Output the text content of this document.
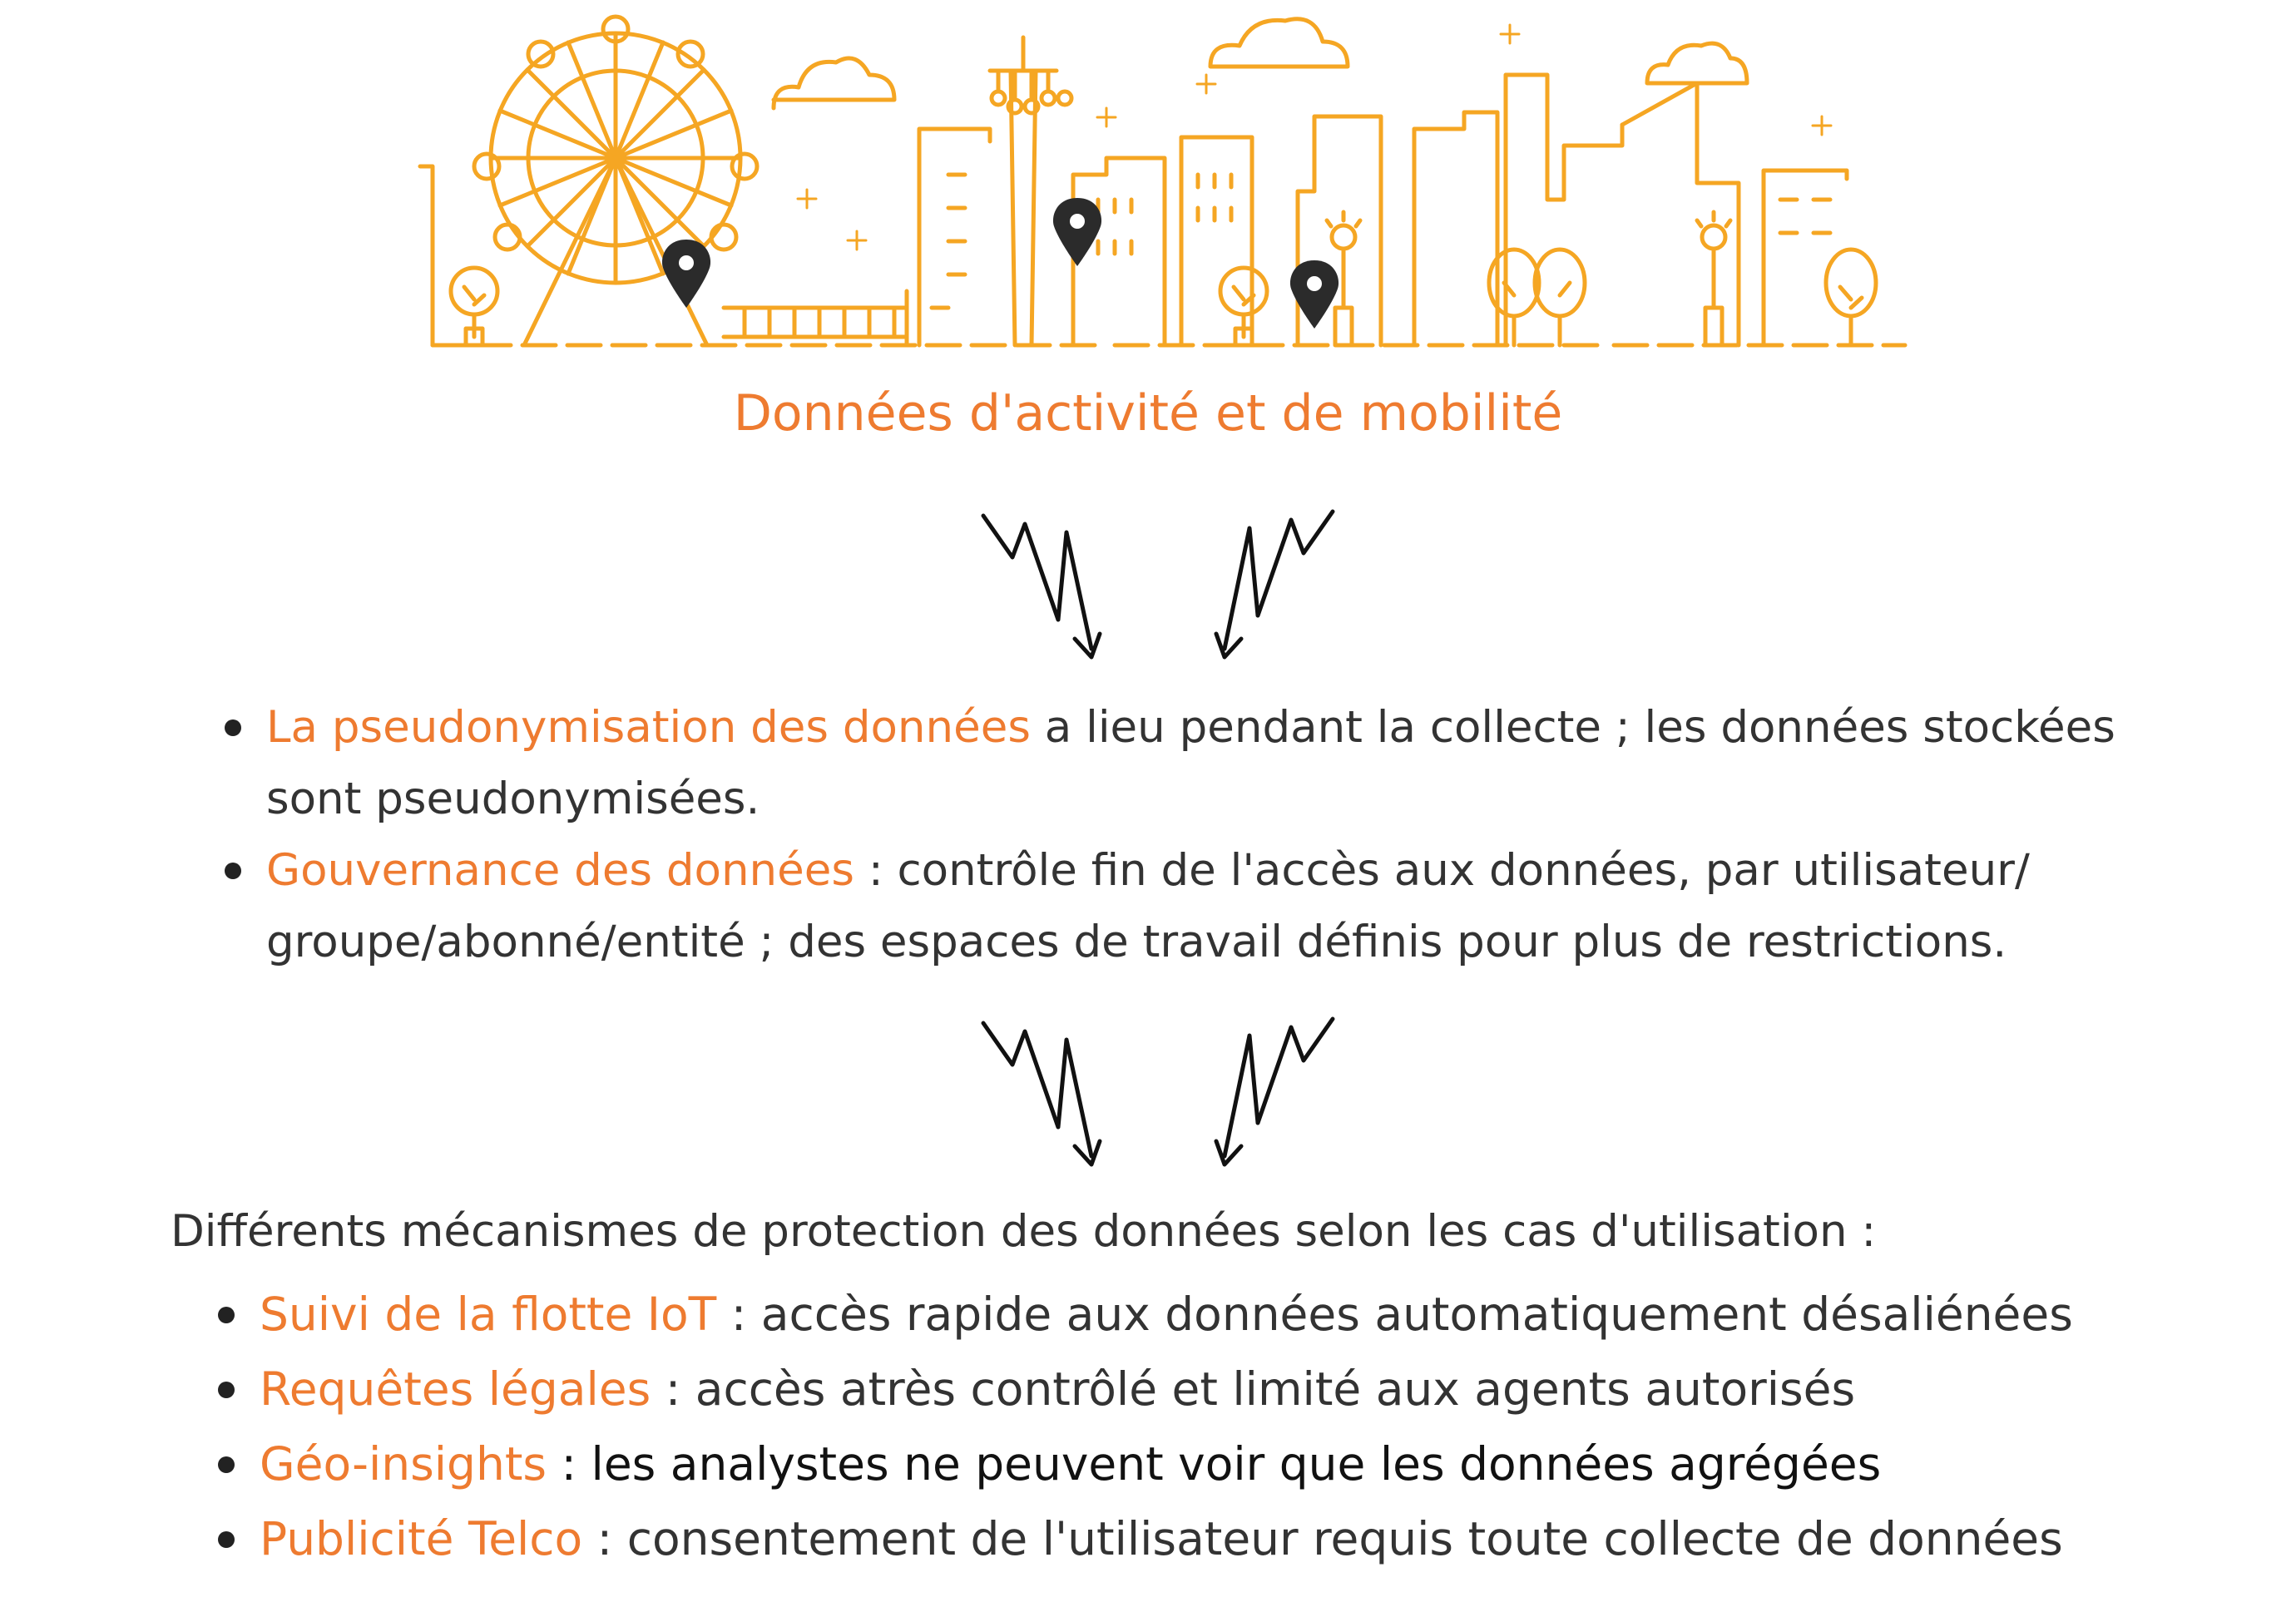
Données d'activité et de mobilité
La pseudonymisation des données a lieu pendant la collecte ; les données stockées sont pseudonymisées.
Gouvernance des données : contrôle fin de l'accès aux données, par utilisateur/ groupe/abonné/entité ; des espaces de travail définis pour plus de restrictions.

Différents mécanismes de protection des données selon les cas d'utilisation :

Suivi de la flotte IoT : accès rapide aux données automatiquement désaliénées
Requêtes légales : accès atrès contrôlé et limité aux agents autorisés
Géo-insights : les analystes ne peuvent voir que les données agrégées
Publicité Telco : consentement de l'utilisateur requis toute collecte de données
